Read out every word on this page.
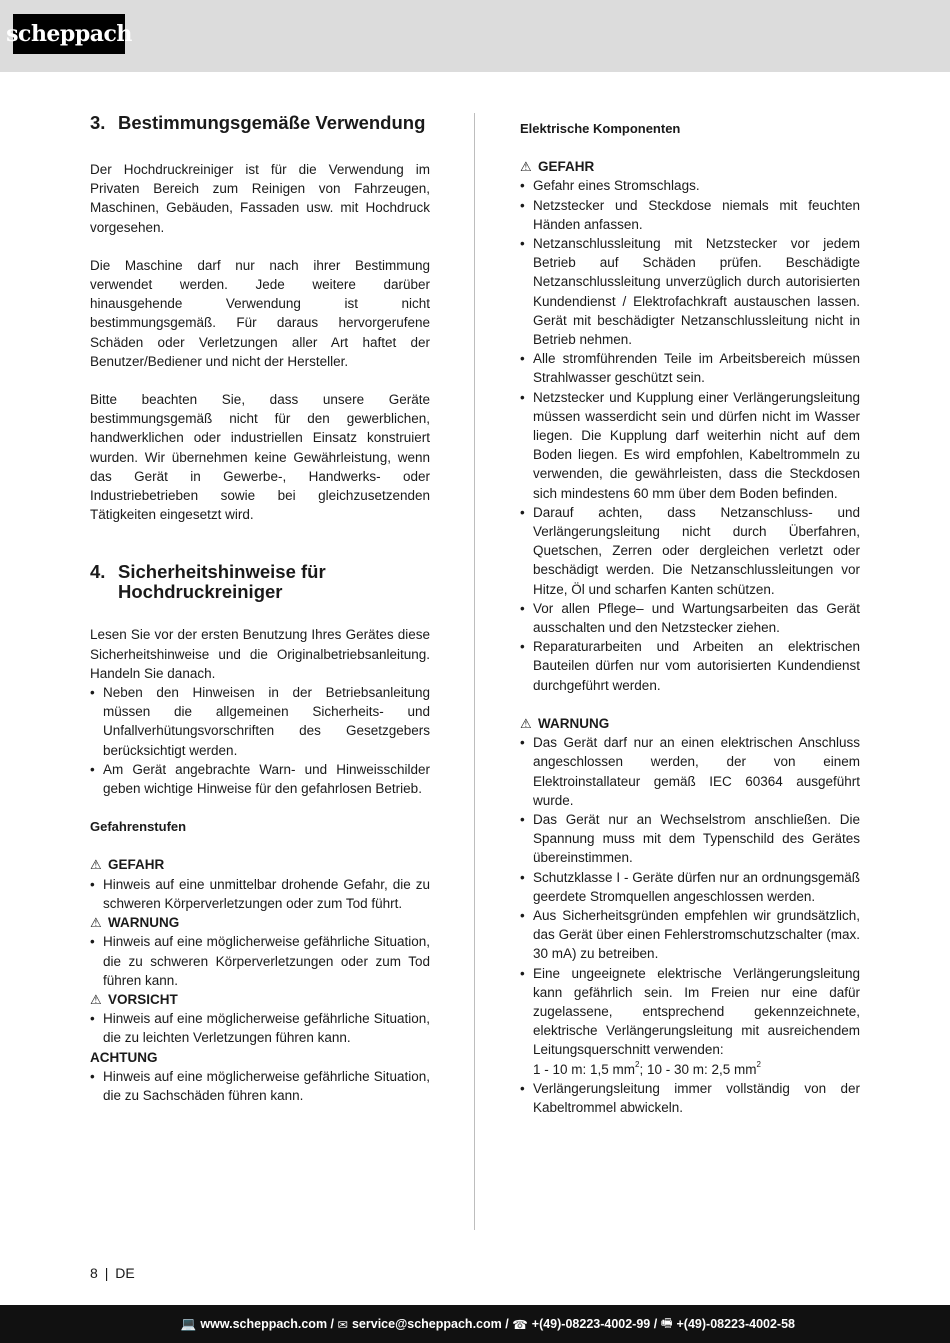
scheppach
3. Bestimmungsgemäße Verwendung

Der Hochdruckreiniger ist für die Verwendung im Privaten Bereich zum Reinigen von Fahrzeugen, Maschinen, Gebäuden, Fassaden usw. mit Hochdruck vorgesehen.

Die Maschine darf nur nach ihrer Bestimmung verwendet werden. Jede weitere darüber hinausgehende Verwendung ist nicht bestimmungsgemäß. Für daraus hervorgerufene Schäden oder Verletzungen aller Art haftet der Benutzer/Bediener und nicht der Hersteller.

Bitte beachten Sie, dass unsere Geräte bestimmungsgemäß nicht für den gewerblichen, handwerklichen oder industriellen Einsatz konstruiert wurden. Wir übernehmen keine Gewährleistung, wenn das Gerät in Gewerbe-, Handwerks- oder Industriebetrieben sowie bei gleichzusetzenden Tätigkeiten eingesetzt wird.

4. Sicherheitshinweise für
Hochdruckreiniger

Lesen Sie vor der ersten Benutzung Ihres Gerätes diese Sicherheitshinweise und die Originalbetriebsanleitung. Handeln Sie danach.

• Neben den Hinweisen in der Betriebsanleitung müssen die allgemeinen Sicherheits- und Unfallverhütungsvorschriften des Gesetzgebers berücksichtigt werden.
• Am Gerät angebrachte Warn- und Hinweisschilder geben wichtige Hinweise für den gefahrlosen Betrieb.
Gefahrenstufen
⚠ GEFAHR
• Hinweis auf eine unmittelbar drohende Gefahr, die zu schweren Körperverletzungen oder zum Tod führt.
⚠ WARNUNG
• Hinweis auf eine möglicherweise gefährliche Situation, die zu schweren Körperverletzungen oder zum Tod führen kann.
⚠ VORSICHT
• Hinweis auf eine möglicherweise gefährliche Situation, die zu leichten Verletzungen führen kann.
ACHTUNG
• Hinweis auf eine möglicherweise gefährliche Situation, die zu Sachschäden führen kann.
Elektrische Komponenten
⚠ GEFAHR
• Gefahr eines Stromschlags.
• Netzstecker und Steckdose niemals mit feuchten Händen anfassen.
• Netzanschlussleitung mit Netzstecker vor jedem Betrieb auf Schäden prüfen. Beschädigte Netzanschlussleitung unverzüglich durch autorisierten Kundendienst / Elektrofachkraft austauschen lassen. Gerät mit beschädigter Netzanschlussleitung nicht in Betrieb nehmen.
• Alle stromführenden Teile im Arbeitsbereich müssen Strahlwasser geschützt sein.
• Netzstecker und Kupplung einer Verlängerungsleitung müssen wasserdicht sein und dürfen nicht im Wasser liegen. Die Kupplung darf weiterhin nicht auf dem Boden liegen. Es wird empfohlen, Kabeltrommeln zu verwenden, die gewährleisten, dass die Steckdosen sich mindestens 60 mm über dem Boden befinden.
• Darauf achten, dass Netzanschluss- und Verlängerungsleitung nicht durch Überfahren, Quetschen, Zerren oder dergleichen verletzt oder beschädigt werden. Die Netzanschlussleitungen vor Hitze, Öl und scharfen Kanten schützen.
• Vor allen Pflege– und Wartungsarbeiten das Gerät ausschalten und den Netzstecker ziehen.
• Reparaturarbeiten und Arbeiten an elektrischen Bauteilen dürfen nur vom autorisierten Kundendienst durchgeführt werden.
⚠ WARNUNG
• Das Gerät darf nur an einen elektrischen Anschluss angeschlossen werden, der von einem Elektroinstallateur gemäß IEC 60364 ausgeführt wurde.
• Das Gerät nur an Wechselstrom anschließen. Die Spannung muss mit dem Typenschild des Gerätes übereinstimmen.
• Schutzklasse I - Geräte dürfen nur an ordnungsgemäß geerdete Stromquellen angeschlossen werden.
• Aus Sicherheitsgründen empfehlen wir grundsätzlich, das Gerät über einen Fehlerstromschutzschalter (max. 30 mA) zu betreiben.
• Eine ungeeignete elektrische Verlängerungsleitung kann gefährlich sein. Im Freien nur eine dafür zugelassene, entsprechend gekennzeichnete, elektrische Verlängerungsleitung mit ausreichendem Leitungsquerschnitt verwenden:
1 - 10 m: 1,5 $mm^2$; 10 - 30 m: 2,5 $mm^2$
• Verlängerungsleitung immer vollständig von der Kabeltrommel abwickeln.
8 | DE
💻 www.scheppach.com /
✉ service@scheppach.com /
☎ +(49)-08223-4002-99 /
🖷 +(49)-08223-4002-58
